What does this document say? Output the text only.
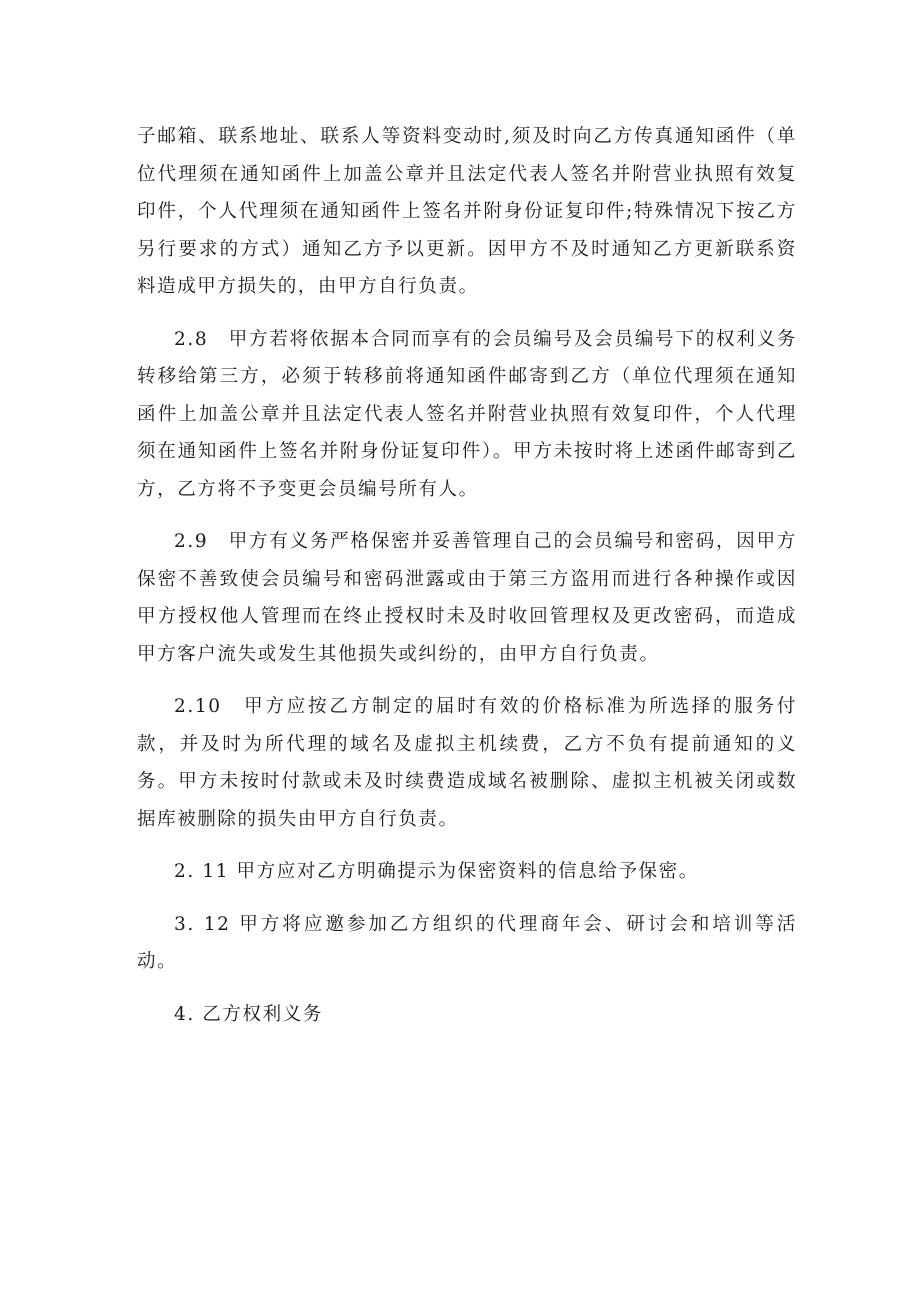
子邮箱、联系地址、联系人等资料变动时,须及时向乙方传真通知函件（单位代理须在通知函件上加盖公章并且法定代表人签名并附营业执照有效复印件，个人代理须在通知函件上签名并附身份证复印件;特殊情况下按乙方另行要求的方式）通知乙方予以更新。因甲方不及时通知乙方更新联系资料造成甲方损失的，由甲方自行负责。

2.8　甲方若将依据本合同而享有的会员编号及会员编号下的权利义务转移给第三方，必须于转移前将通知函件邮寄到乙方（单位代理须在通知函件上加盖公章并且法定代表人签名并附营业执照有效复印件，个人代理须在通知函件上签名并附身份证复印件）。甲方未按时将上述函件邮寄到乙方，乙方将不予变更会员编号所有人。

2.9　甲方有义务严格保密并妥善管理自己的会员编号和密码，因甲方保密不善致使会员编号和密码泄露或由于第三方盗用而进行各种操作或因甲方授权他人管理而在终止授权时未及时收回管理权及更改密码，而造成甲方客户流失或发生其他损失或纠纷的，由甲方自行负责。

2.10　甲方应按乙方制定的届时有效的价格标准为所选择的服务付款，并及时为所代理的域名及虚拟主机续费，乙方不负有提前通知的义务。甲方未按时付款或未及时续费造成域名被删除、虚拟主机被关闭或数据库被删除的损失由甲方自行负责。

2. 11 甲方应对乙方明确提示为保密资料的信息给予保密。

3. 12 甲方将应邀参加乙方组织的代理商年会、研讨会和培训等活动。

4. 乙方权利义务
